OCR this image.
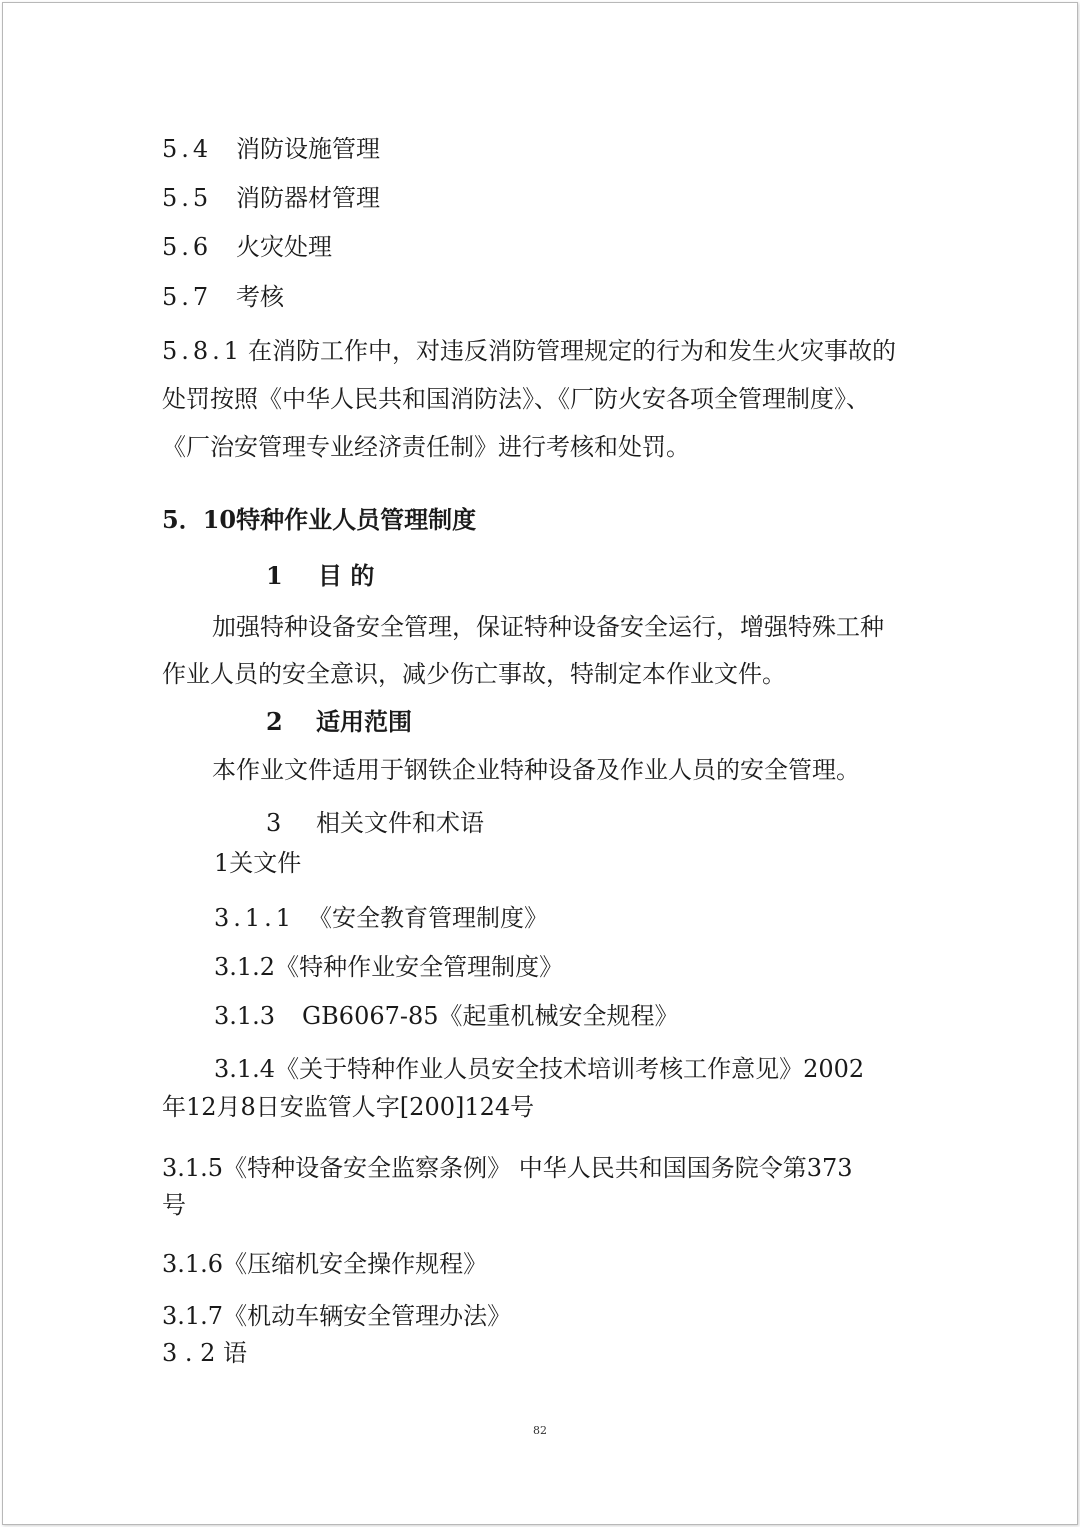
5.4 消防设施管理
5.5 消防器材管理
5.6 火灾处理
5.7 考核
5.8.1 在消防工作中，对违反消防管理规定的行为和发生火灾事故的
处罚按照《中华人民共和国消防法》、《厂防火安各项全管理制度》、
《厂治安管理专业经济责任制》进行考核和处罚。
5．10特种作业人员管理制度
1 目 的
加强特种设备安全管理，保证特种设备安全运行，增强特殊工种
作业人员的安全意识，减少伤亡事故，特制定本作业文件。
2 适用范围
本作业文件适用于钢铁企业特种设备及作业人员的安全管理。
3 相关文件和术语
1关文件
3.1.1 《安全教育管理制度》
3.1.2《特种作业安全管理制度》
3.1.3 GB6067-85《起重机械安全规程》
3.1.4《关于特种作业人员安全技术培训考核工作意见》2002
年12月8日安监管人字[200]124号
3.1.5《特种设备安全监察条例》 中华人民共和国国务院令第373
号
3.1.6《压缩机安全操作规程》
3.1.7《机动车辆安全管理办法》
3 . 2 语
82
